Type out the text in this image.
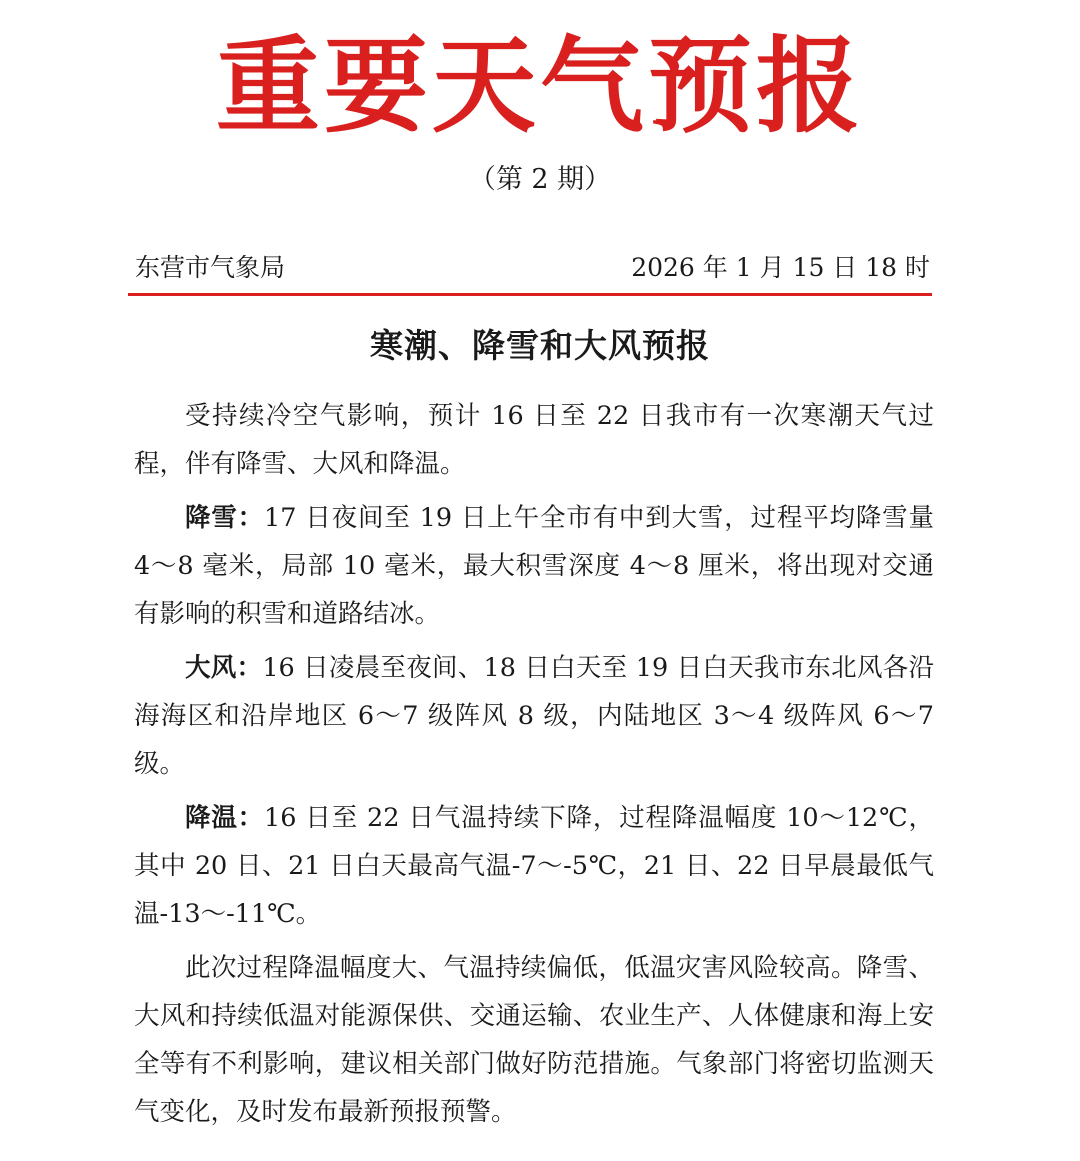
重要天气预报
（第 2 期）
东营市气象局	2026 年 1 月 15 日 18 时
寒潮、降雪和大风预报

受持续冷空气影响，预计 16 日至 22 日我市有一次寒潮天气过程，伴有降雪、大风和降温。

降雪：17 日夜间至 19 日上午全市有中到大雪，过程平均降雪量 4～8 毫米，局部 10 毫米，最大积雪深度 4～8 厘米，将出现对交通有影响的积雪和道路结冰。

大风：16 日凌晨至夜间、18 日白天至 19 日白天我市东北风各沿海海区和沿岸地区 6～7 级阵风 8 级，内陆地区 3～4 级阵风 6～7 级。

降温：16 日至 22 日气温持续下降，过程降温幅度 10～12℃，其中 20 日、21 日白天最高气温-7～-5℃，21 日、22 日早晨最低气温-13～-11℃。

此次过程降温幅度大、气温持续偏低，低温灾害风险较高。降雪、大风和持续低温对能源保供、交通运输、农业生产、人体健康和海上安全等有不利影响，建议相关部门做好防范措施。气象部门将密切监测天气变化，及时发布最新预报预警。
